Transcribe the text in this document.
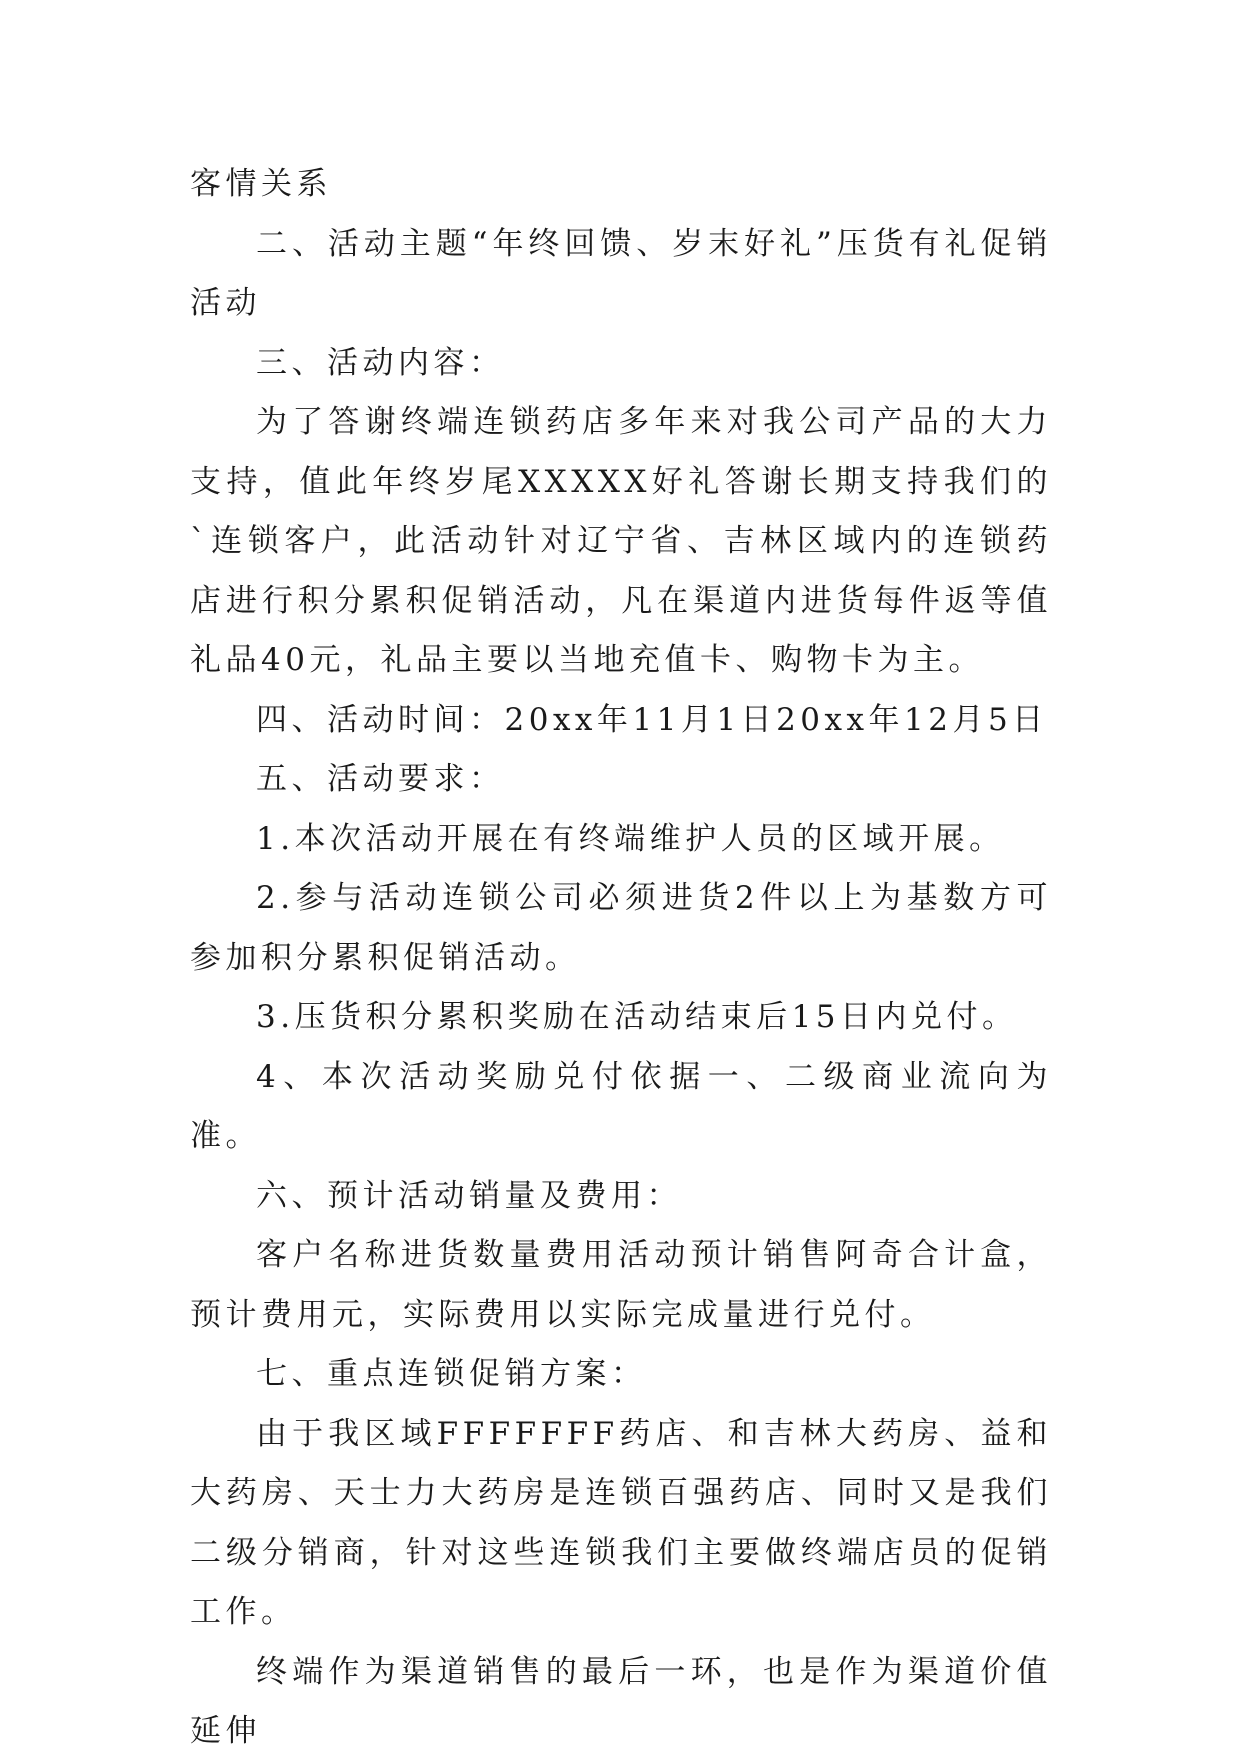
客情关系

二、活动主题“年终回馈、岁末好礼”压货有礼促销活动

三、活动内容：

为了答谢终端连锁药店多年来对我公司产品的大力支持，值此年终岁尾XXXXX好礼答谢长期支持我们的`连锁客户，此活动针对辽宁省、吉林区域内的连锁药店进行积分累积促销活动，凡在渠道内进货每件返等值礼品40元，礼品主要以当地充值卡、购物卡为主。

四、活动时间：20xx年11月1日20xx年12月5日

五、活动要求：

1.本次活动开展在有终端维护人员的区域开展。

2.参与活动连锁公司必须进货2件以上为基数方可参加积分累积促销活动。

3.压货积分累积奖励在活动结束后15日内兑付。

4、本次活动奖励兑付依据一、二级商业流向为准。

六、预计活动销量及费用：

客户名称进货数量费用活动预计销售阿奇合计盒，预计费用元，实际费用以实际完成量进行兑付。

七、重点连锁促销方案：

由于我区域FFFFFFF药店、和吉林大药房、益和大药房、天士力大药房是连锁百强药店、同时又是我们二级分销商，针对这些连锁我们主要做终端店员的促销工作。

终端作为渠道销售的最后一环，也是作为渠道价值延伸
